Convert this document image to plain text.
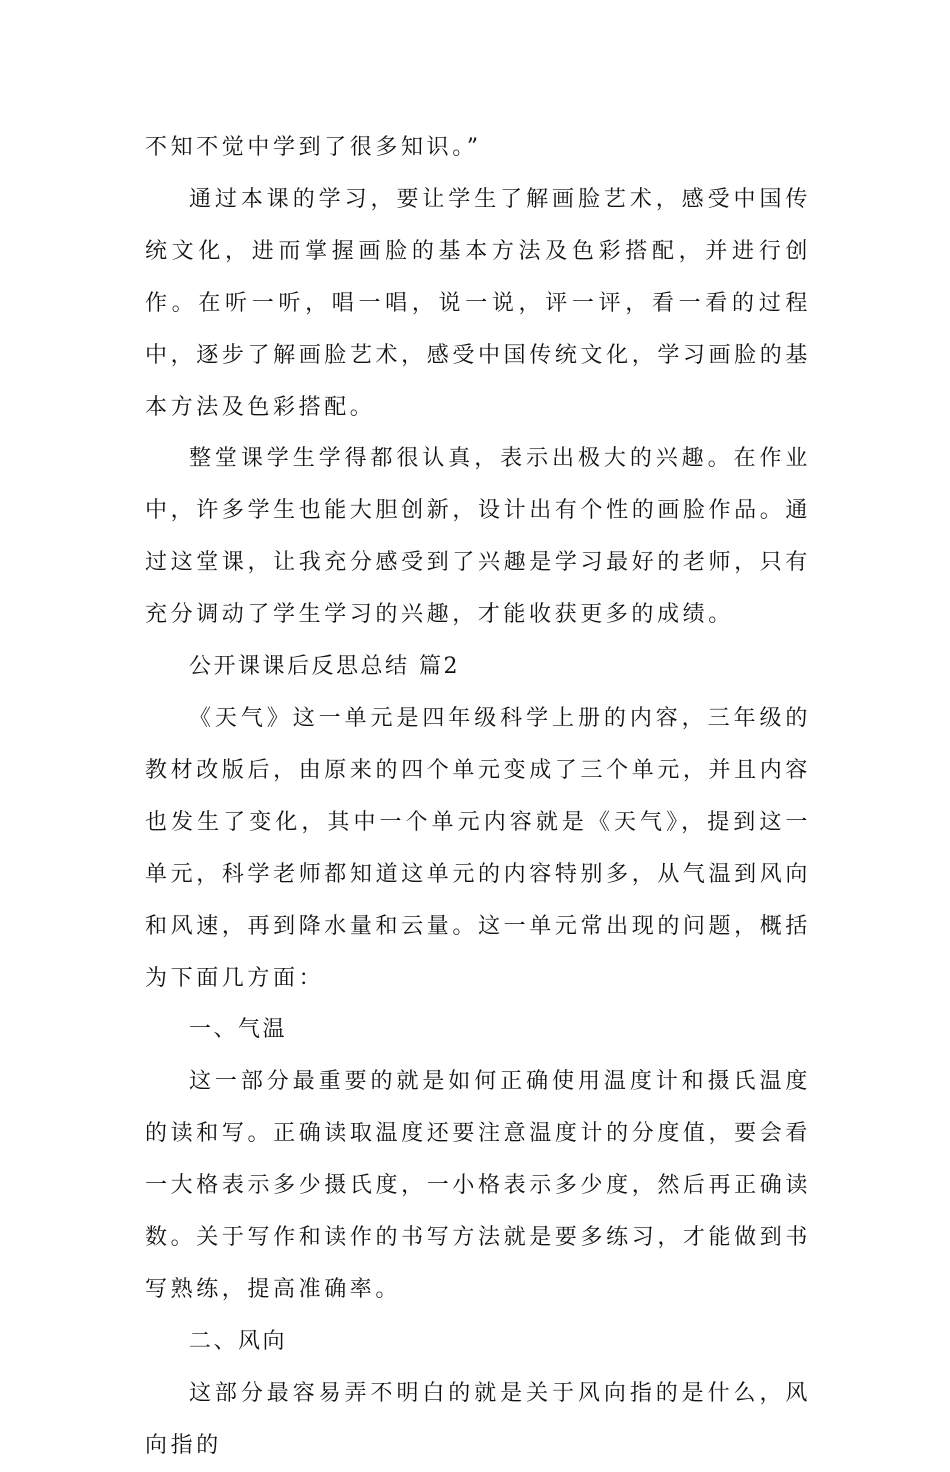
不知不觉中学到了很多知识。”

通过本课的学习，要让学生了解画脸艺术，感受中国传统文化，进而掌握画脸的基本方法及色彩搭配，并进行创作。在听一听，唱一唱，说一说，评一评，看一看的过程中，逐步了解画脸艺术，感受中国传统文化，学习画脸的基本方法及色彩搭配。

整堂课学生学得都很认真，表示出极大的兴趣。在作业中，许多学生也能大胆创新，设计出有个性的画脸作品。通过这堂课，让我充分感受到了兴趣是学习最好的老师，只有充分调动了学生学习的兴趣，才能收获更多的成绩。

公开课课后反思总结 篇2

《天气》这一单元是四年级科学上册的内容，三年级的教材改版后，由原来的四个单元变成了三个单元，并且内容也发生了变化，其中一个单元内容就是《天气》，提到这一单元，科学老师都知道这单元的内容特别多，从气温到风向和风速，再到降水量和云量。这一单元常出现的问题，概括为下面几方面：

一、气温

这一部分最重要的就是如何正确使用温度计和摄氏温度的读和写。正确读取温度还要注意温度计的分度值，要会看一大格表示多少摄氏度，一小格表示多少度，然后再正确读数。关于写作和读作的书写方法就是要多练习，才能做到书写熟练，提高准确率。

二、风向

这部分最容易弄不明白的就是关于风向指的是什么，风向指的
